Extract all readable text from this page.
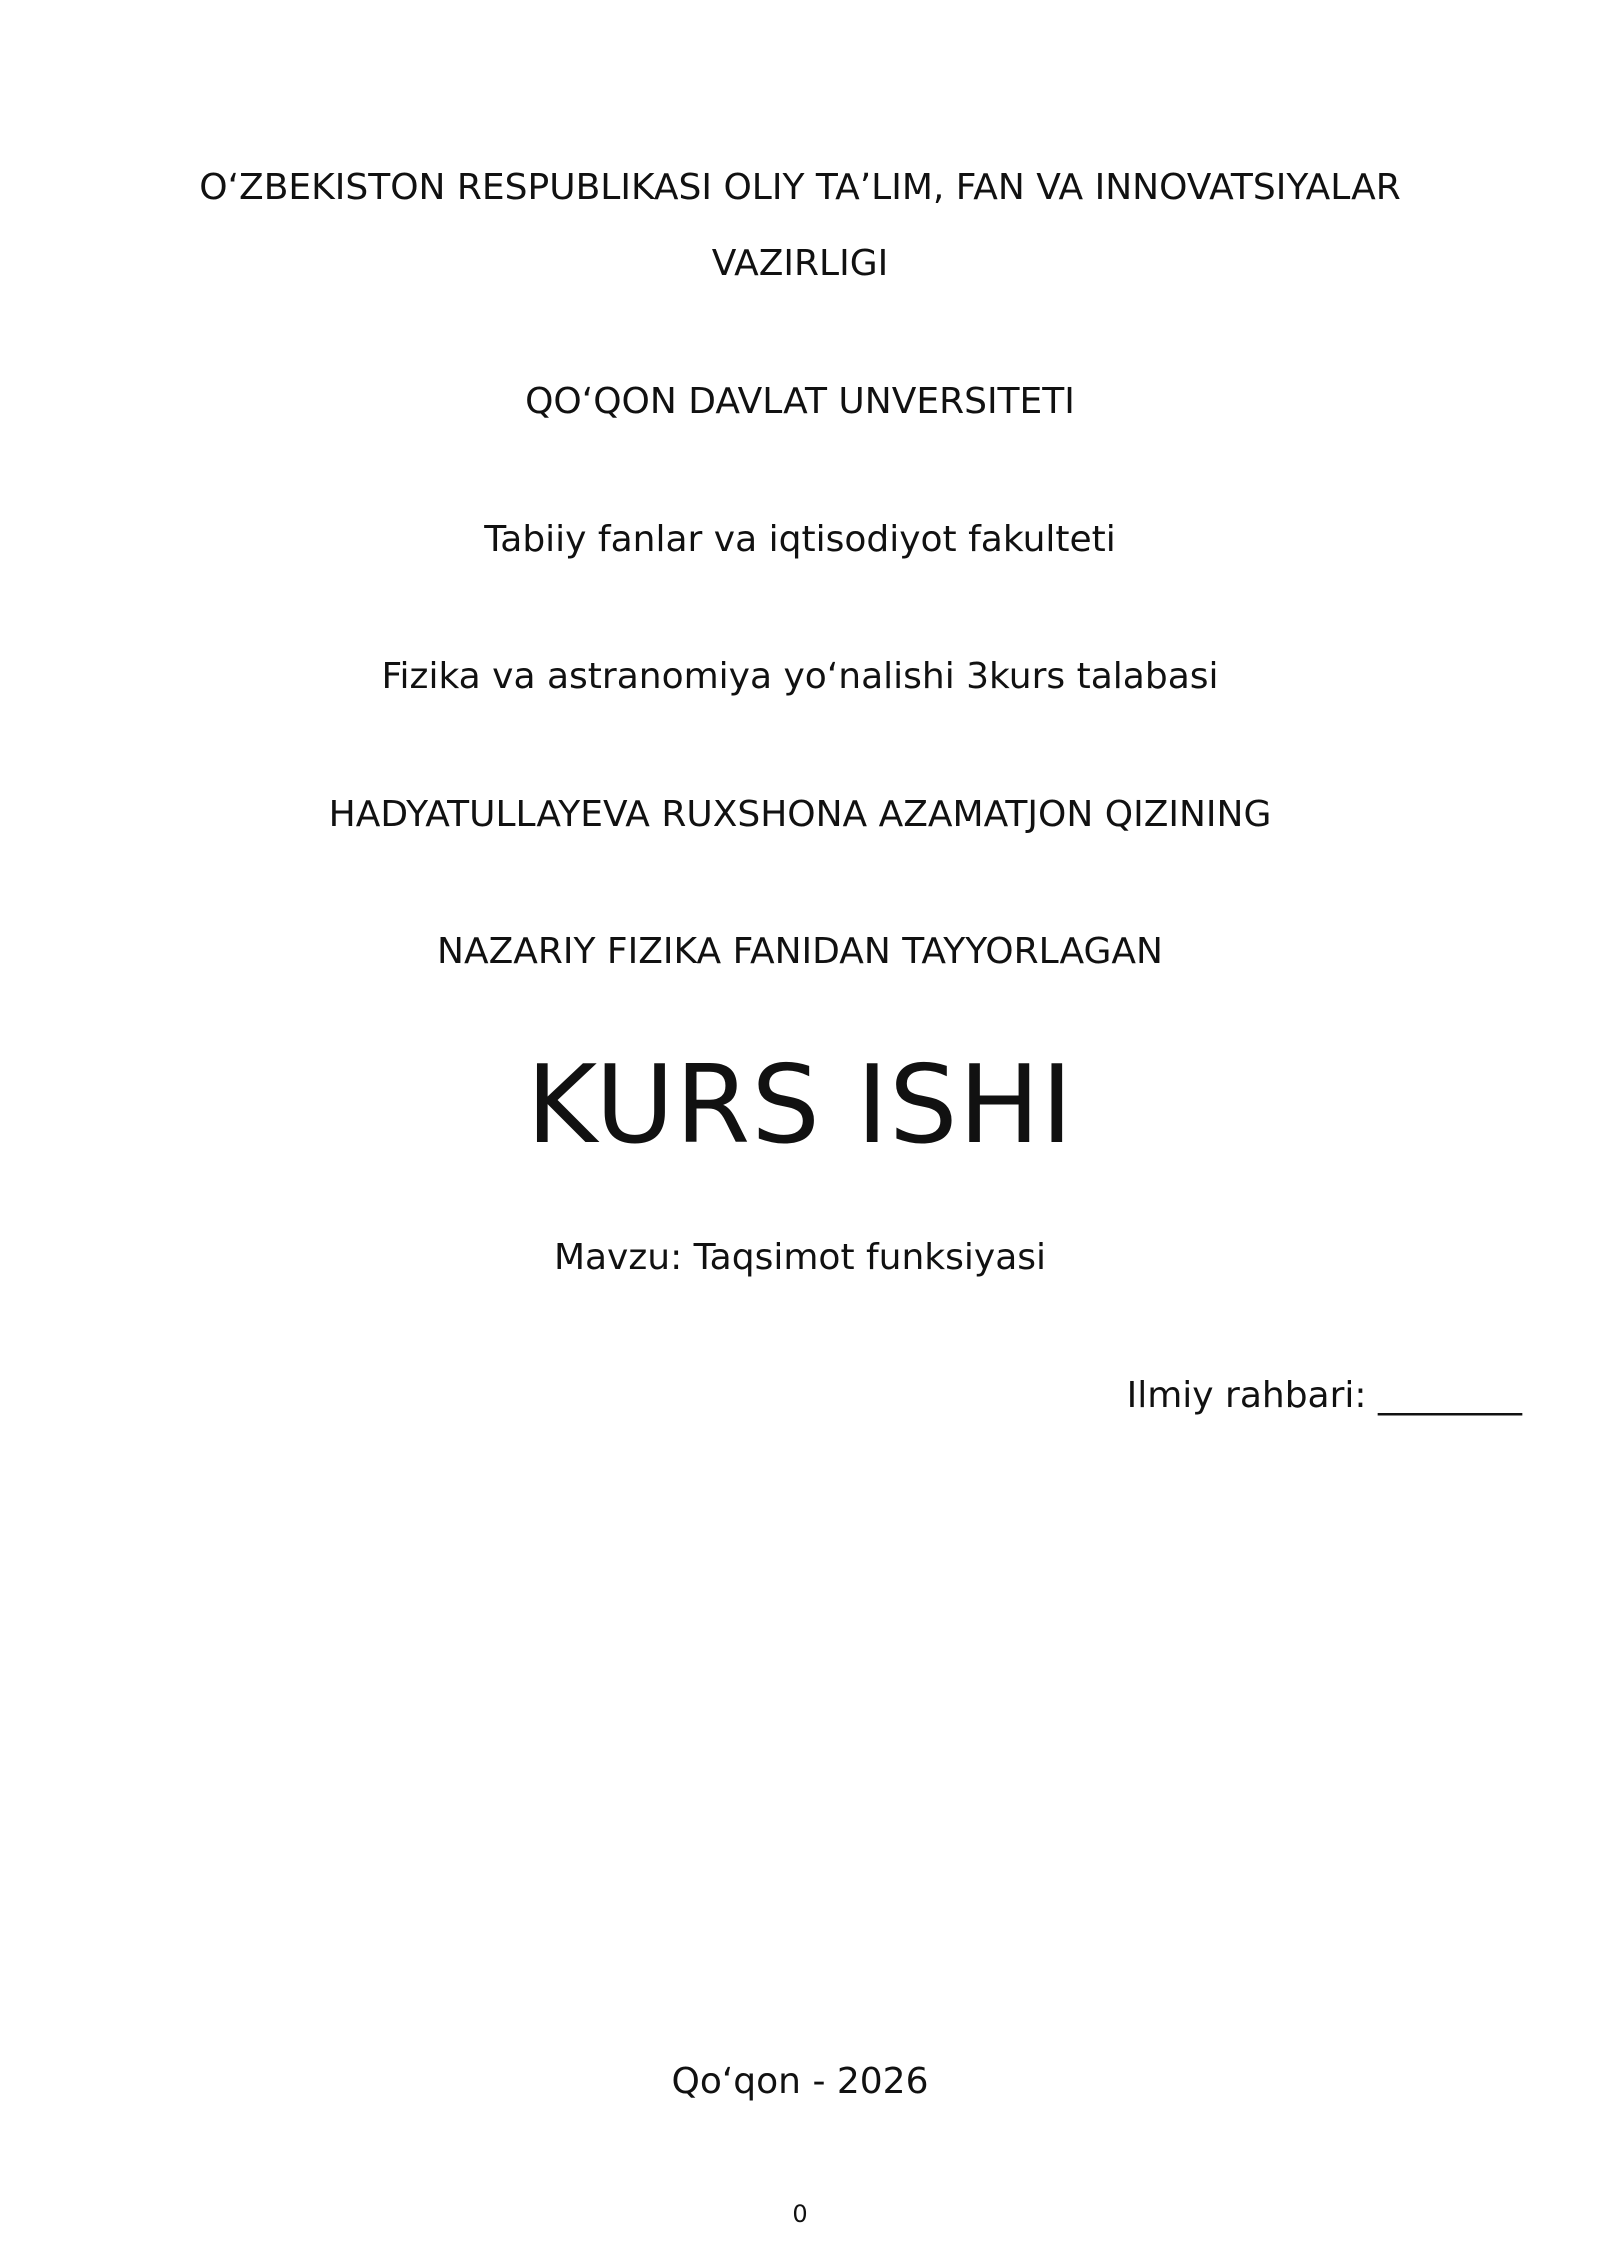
O‘ZBEKISTON RESPUBLIKASI OLIY TA’LIM, FAN VA INNOVATSIYALAR VAZIRLIGI
QO‘QON DAVLAT UNVERSITETI
Tabiiy fanlar va iqtisodiyot fakulteti
Fizika va astranomiya yo‘nalishi 3kurs talabasi
HADYATULLAYEVA RUXSHONA AZAMATJON QIZINING
NAZARIY FIZIKA FANIDAN TAYYORLAGAN
KURS ISHI
Mavzu: Taqsimot funksiyasi
Ilmiy rahbari: ________
Qo‘qon - 2026
0
